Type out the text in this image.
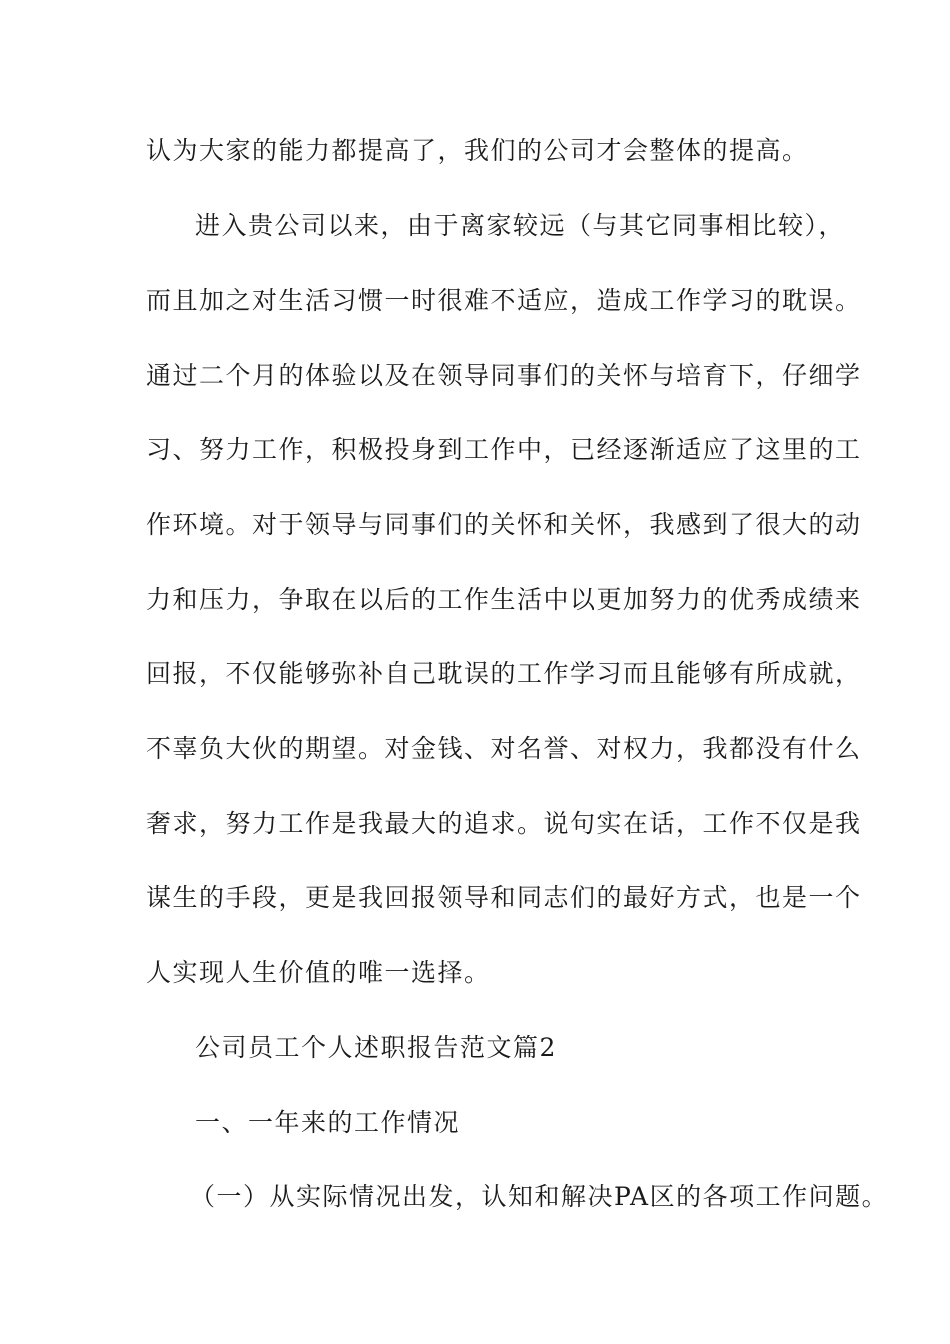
认为大家的能力都提高了，我们的公司才会整体的提高。
进入贵公司以来，由于离家较远（与其它同事相比较），
而且加之对生活习惯一时很难不适应，造成工作学习的耽误。
通过二个月的体验以及在领导同事们的关怀与培育下，仔细学
习、努力工作，积极投身到工作中，已经逐渐适应了这里的工
作环境。对于领导与同事们的关怀和关怀，我感到了很大的动
力和压力，争取在以后的工作生活中以更加努力的优秀成绩来
回报，不仅能够弥补自己耽误的工作学习而且能够有所成就，
不辜负大伙的期望。对金钱、对名誉、对权力，我都没有什么
奢求，努力工作是我最大的追求。说句实在话，工作不仅是我
谋生的手段，更是我回报领导和同志们的最好方式，也是一个
人实现人生价值的唯一选择。
公司员工个人述职报告范文篇2
一、一年来的工作情况
（一）从实际情况出发，认知和解决PA区的各项工作问题。
